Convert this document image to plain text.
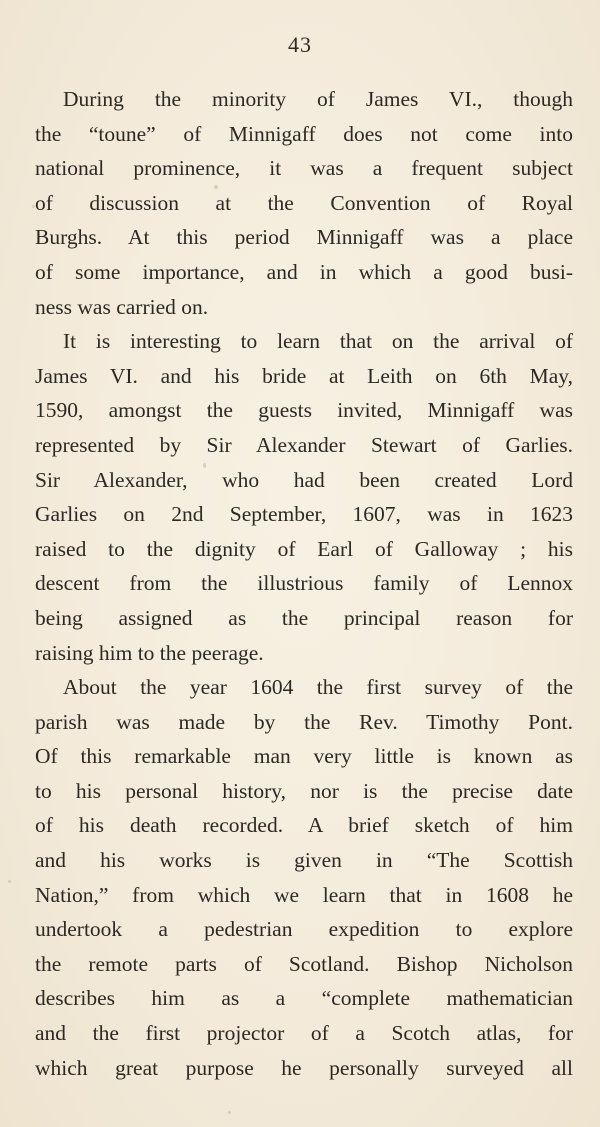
43
During the minority of James VI., though
the “toune” of Minnigaff does not come into
national prominence, it was a frequent subject
of discussion at the Convention of Royal
Burghs. At this period Minnigaff was a place
of some importance, and in which a good busi-
ness was carried on.
It is interesting to learn that on the arrival of
James VI. and his bride at Leith on 6th May,
1590, amongst the guests invited, Minnigaff was
represented by Sir Alexander Stewart of Garlies.
Sir Alexander, who had been created Lord
Garlies on 2nd September, 1607, was in 1623
raised to the dignity of Earl of Galloway ; his
descent from the illustrious family of Lennox
being assigned as the principal reason for
raising him to the peerage.
About the year 1604 the first survey of the
parish was made by the Rev. Timothy Pont.
Of this remarkable man very little is known as
to his personal history, nor is the precise date
of his death recorded. A brief sketch of him
and his works is given in “The Scottish
Nation,” from which we learn that in 1608 he
undertook a pedestrian expedition to explore
the remote parts of Scotland. Bishop Nicholson
describes him as a “complete mathematician
and the first projector of a Scotch atlas, for
which great purpose he personally surveyed all
